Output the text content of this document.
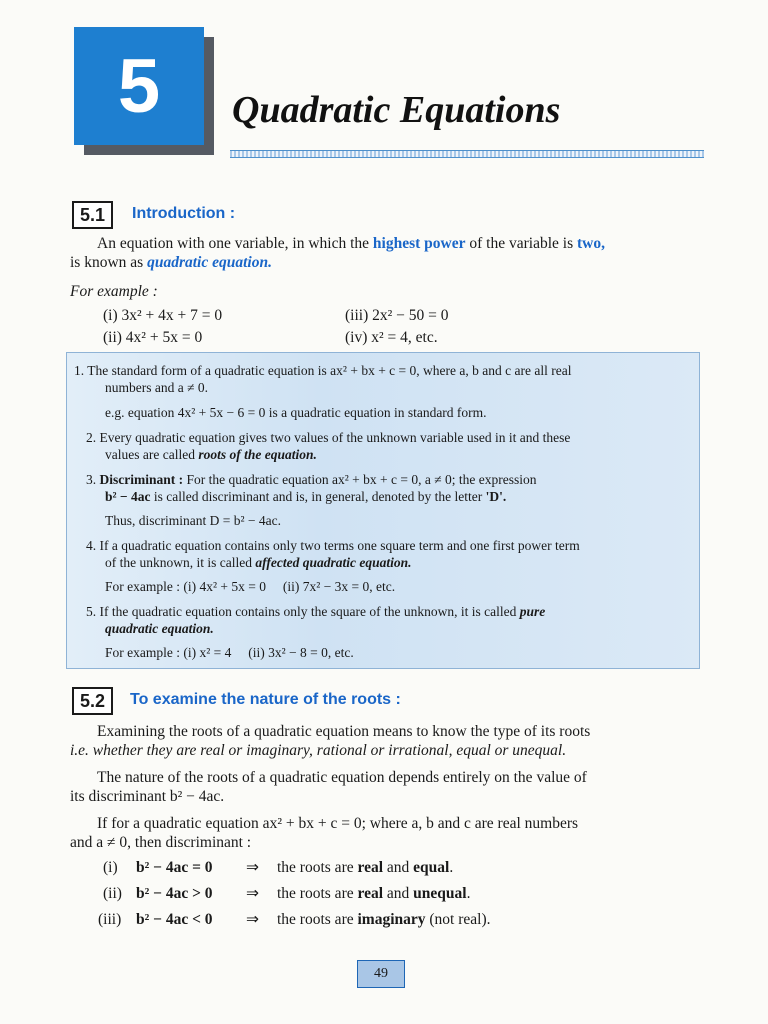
5	Quadratic Equations
5.1	Introduction :
An equation with one variable, in which the highest power of the variable is two,
is known as quadratic equation.
For example :
(i) 3x² + 4x + 7 = 0	(iii) 2x² − 50 = 0
(ii) 4x² + 5x = 0	(iv) x² = 4, etc.
1. The standard form of a quadratic equation is ax² + bx + c = 0, where a, b and c are all real
numbers and a ≠ 0.
e.g. equation 4x² + 5x − 6 = 0 is a quadratic equation in standard form.
2. Every quadratic equation gives two values of the unknown variable used in it and these
values are called roots of the equation.
3. Discriminant : For the quadratic equation ax² + bx + c = 0, a ≠ 0; the expression
b² − 4ac is called discriminant and is, in general, denoted by the letter 'D'.
Thus, discriminant D = b² − 4ac.
4. If a quadratic equation contains only two terms one square term and one first power term
of the unknown, it is called affected quadratic equation.
For example : (i) 4x² + 5x = 0     (ii) 7x² − 3x = 0, etc.
5. If the quadratic equation contains only the square of the unknown, it is called pure
quadratic equation.
For example : (i) x² = 4     (ii) 3x² − 8 = 0, etc.
5.2	To examine the nature of the roots :
Examining the roots of a quadratic equation means to know the type of its roots
i.e. whether they are real or imaginary, rational or irrational, equal or unequal.
The nature of the roots of a quadratic equation depends entirely on the value of
its discriminant b² − 4ac.
If for a quadratic equation ax² + bx + c = 0; where a, b and c are real numbers
and a ≠ 0, then discriminant :
(i) b² − 4ac = 0 ⇒ the roots are real and equal.
(ii) b² − 4ac > 0 ⇒ the roots are real and unequal.
(iii) b² − 4ac < 0 ⇒ the roots are imaginary (not real).
49
